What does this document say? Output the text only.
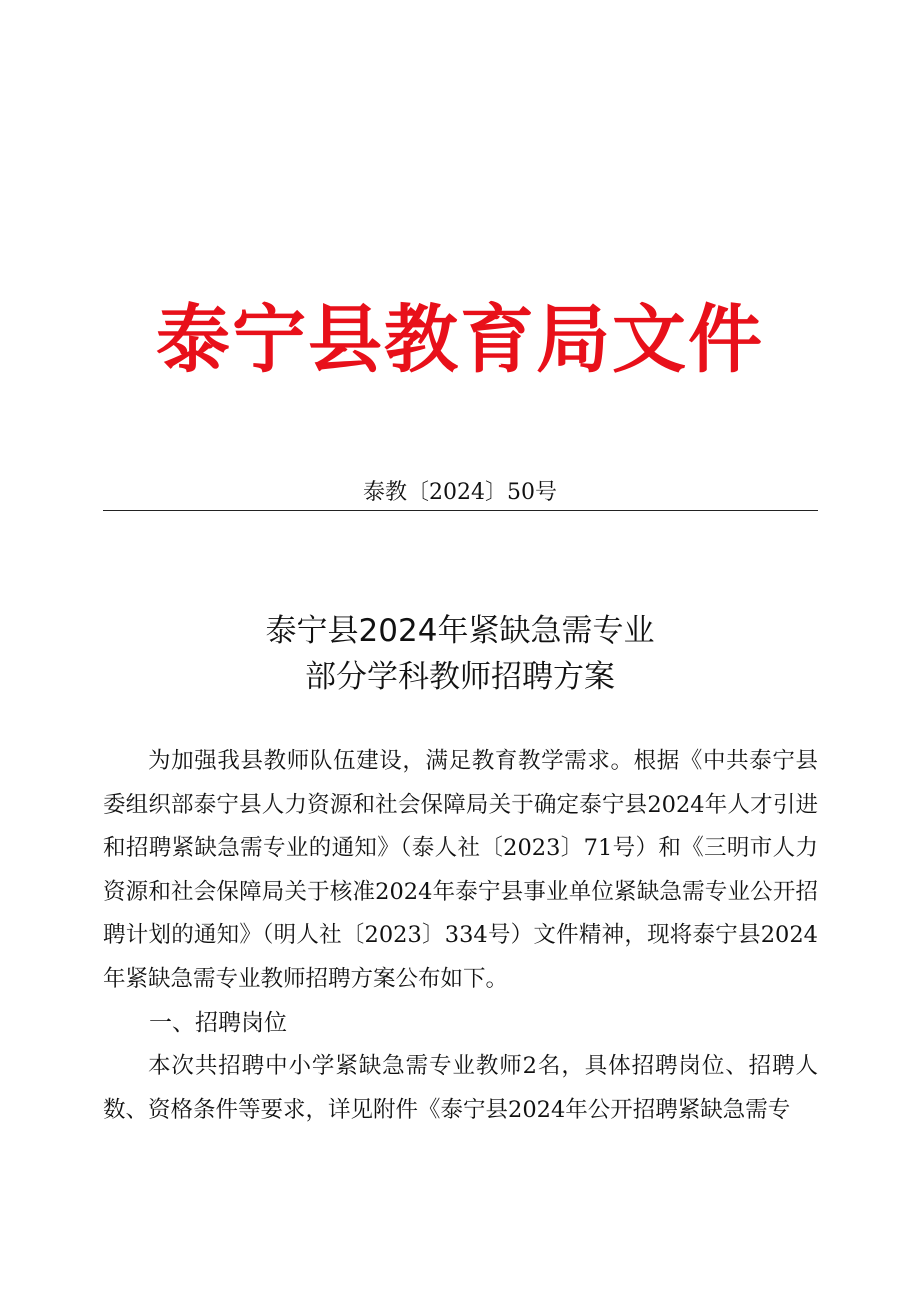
泰宁县教育局文件
泰教〔2024〕50号
泰宁县2024年紧缺急需专业
部分学科教师招聘方案

为加强我县教师队伍建设，满足教育教学需求。根据《中共泰宁县委组织部泰宁县人力资源和社会保障局关于确定泰宁县2024年人才引进和招聘紧缺急需专业的通知》（泰人社〔2023〕71号）和《三明市人力资源和社会保障局关于核准2024年泰宁县事业单位紧缺急需专业公开招聘计划的通知》（明人社〔2023〕334号）文件精神，现将泰宁县2024年紧缺急需专业教师招聘方案公布如下。

一、招聘岗位

本次共招聘中小学紧缺急需专业教师2名，具体招聘岗位、招聘人数、资格条件等要求，详见附件《泰宁县2024年公开招聘紧缺急需专
